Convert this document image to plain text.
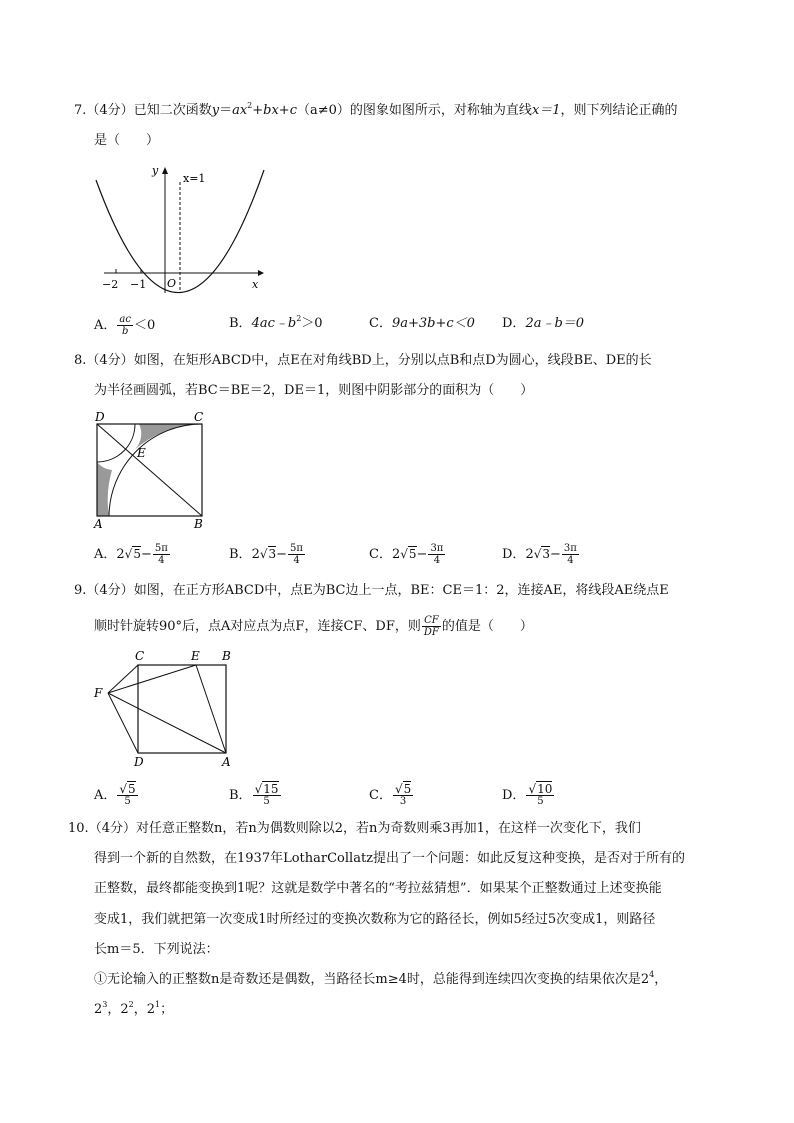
7.（4分）已知二次函数$y=ax^2+bx+c(a\ne 0)$的图象如图所示，对称轴为直线x＝1，则下列结论正确的
是（　　）
y
x=1
O	x
−2 −1
A． $\frac{ac}{b} <0$	B．$4ac﹣b^2>0$	C．9a+3b+c＜0 D．2a﹣b＝0
8.（4分）如图，在矩形ABCD中，点E在对角线BD上，分别以点B和点D为圆心，线段BE、DE的长
为半径画圆弧，若BC＝BE＝2，DE＝1，则图中阴影部分的面积为（　　）
D	C
E
A	B
A．$2√5- \frac{5\pi}{4}$	B．$2√3- \frac{5\pi}{4}$	C．$2√5- \frac{3\pi}{4}$	D．$2√3- \frac{3\pi}{4}$
9.（4分）如图，在正方形ABCD中，点E为BC边上一点，BE：CE＝1：2，连接AE，将线段AE绕点E
顺时针旋转90°后，点A对应点为点F，连接CF、DF，则 $\frac{CF}{DF}$ 的值是（　　）
C	E B
F
D	A
A． $\frac{√5}{5}$	B． $\frac{√15}{5}$	C． $\frac{√5}{3}$	D． $\frac{√10}{5}$
10.（4分）对任意正整数n，若n为偶数则除以2，若n为奇数则乘3再加1，在这样一次变化下，我们
得到一个新的自然数，在1937年LotharCollatz提出了一个问题：如此反复这种变换，是否对于所有的
正整数，最终都能变换到1呢？这就是数学中著名的“考拉兹猜想”．如果某个正整数通过上述变换能
变成1，我们就把第一次变成1时所经过的变换次数称为它的路径长，例如5经过5次变成1，则路径
长m＝5．下列说法：
①无论输入的正整数n是奇数还是偶数，当路径长m≥4时，总能得到连续四次变换的结果依次是$2^4$，
$2^3$，$2^2$，$2^1$；
